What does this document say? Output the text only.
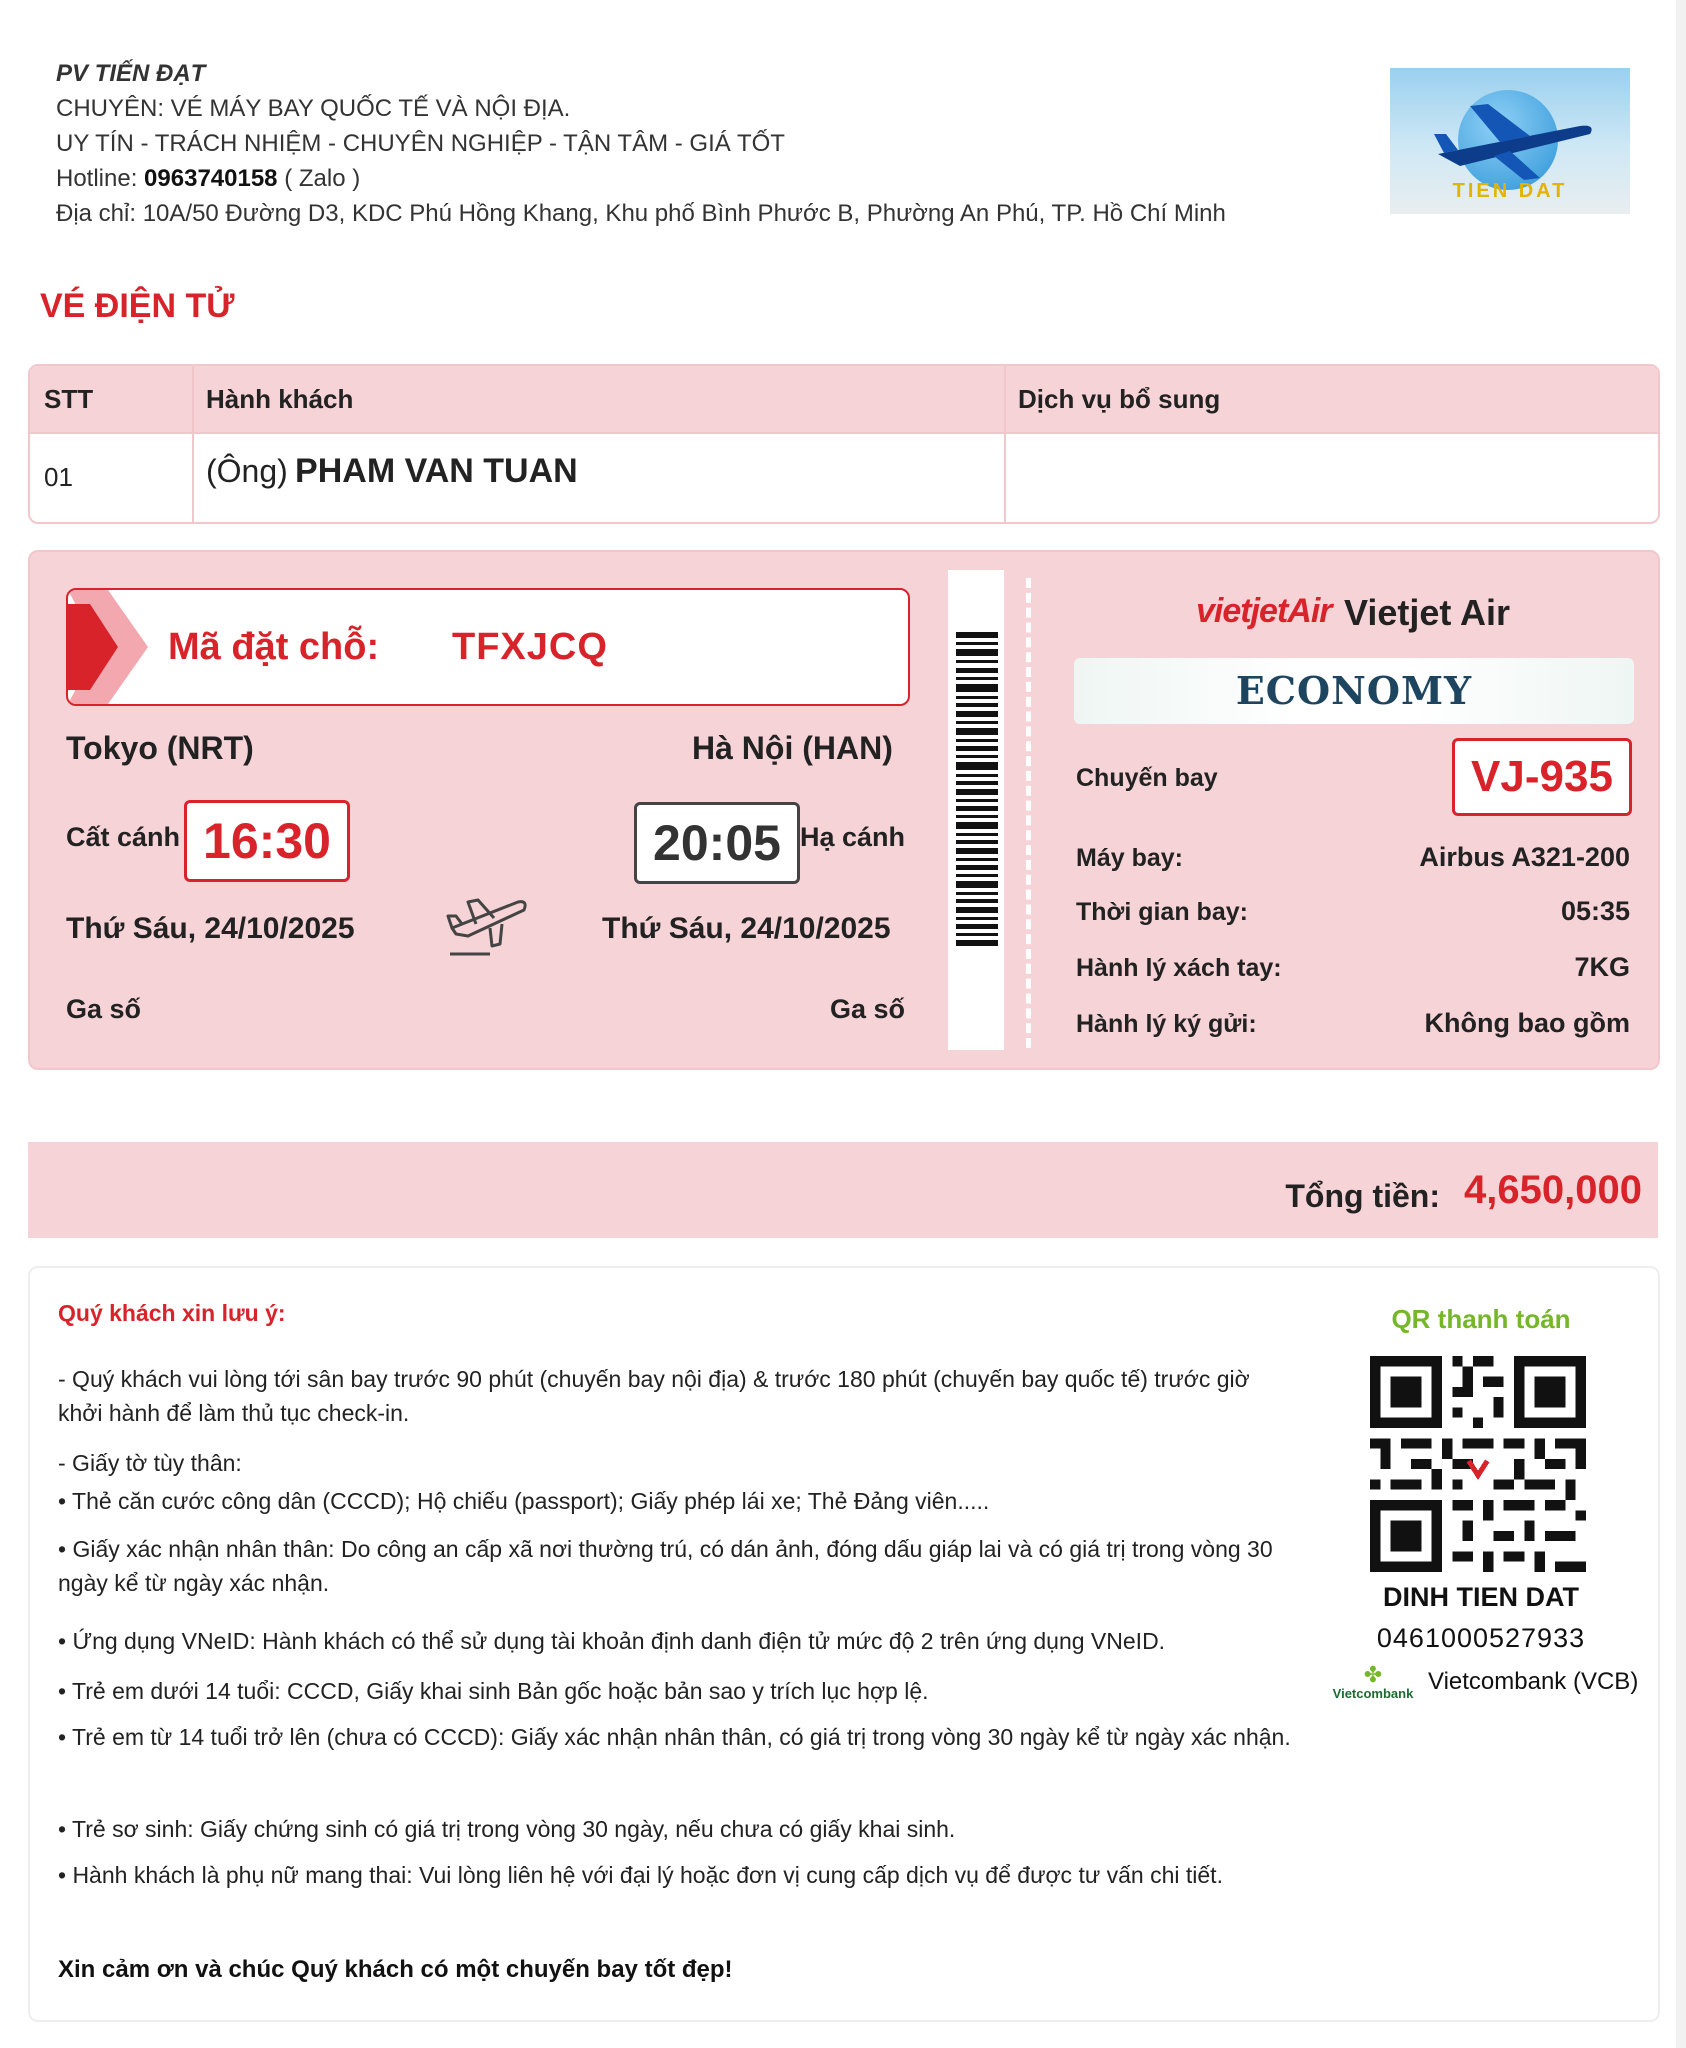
PV TIẾN ĐẠT
CHUYÊN: VÉ MÁY BAY QUỐC TẾ VÀ NỘI ĐỊA.
UY TÍN - TRÁCH NHIỆM - CHUYÊN NGHIỆP - TẬN TÂM - GIÁ TỐT
Hotline: 0963740158 ( Zalo )
Địa chỉ: 10A/50 Đường D3, KDC Phú Hồng Khang, Khu phố Bình Phước B, Phường An Phú, TP. Hồ Chí Minh
TIEN DAT
VÉ ĐIỆN TỬ
STT	Hành khách	Dịch vụ bổ sung
01	(Ông) PHAM VAN TUAN
Mã đặt chỗ: TFXJCQ
Tokyo (NRT)	Hà Nội (HAN)
Cất cánh 16:30	20:05 Hạ cánh
Thứ Sáu, 24/10/2025	Thứ Sáu, 24/10/2025
Ga số	Ga số
vietjetAir Vietjet Air
ECONOMY
Chuyến bay	VJ-935
Máy bay:	Airbus A321-200
Thời gian bay:	05:35
Hành lý xách tay:	7KG
Hành lý ký gửi:	Không bao gồm
Tổng tiền: 4,650,000
Quý khách xin lưu ý:
- Quý khách vui lòng tới sân bay trước 90 phút (chuyến bay nội địa) & trước 180 phút (chuyến bay quốc tế) trước giờ khởi hành để làm thủ tục check-in.
- Giấy tờ tùy thân:
• Thẻ căn cước công dân (CCCD); Hộ chiếu (passport); Giấy phép lái xe; Thẻ Đảng viên.....
• Giấy xác nhận nhân thân: Do công an cấp xã nơi thường trú, có dán ảnh, đóng dấu giáp lai và có giá trị trong vòng 30 ngày kể từ ngày xác nhận.
• Ứng dụng VNeID: Hành khách có thể sử dụng tài khoản định danh điện tử mức độ 2 trên ứng dụng VNeID.
• Trẻ em dưới 14 tuổi: CCCD, Giấy khai sinh Bản gốc hoặc bản sao y trích lục hợp lệ.
• Trẻ em từ 14 tuổi trở lên (chưa có CCCD): Giấy xác nhận nhân thân, có giá trị trong vòng 30 ngày kể từ ngày xác nhận.
• Trẻ sơ sinh: Giấy chứng sinh có giá trị trong vòng 30 ngày, nếu chưa có giấy khai sinh.
• Hành khách là phụ nữ mang thai: Vui lòng liên hệ với đại lý hoặc đơn vị cung cấp dịch vụ để được tư vấn chi tiết.
Xin cảm ơn và chúc Quý khách có một chuyến bay tốt đẹp!
QR thanh toán
DINH TIEN DAT
0461000527933
✤
Vietcombank Vietcombank (VCB)
